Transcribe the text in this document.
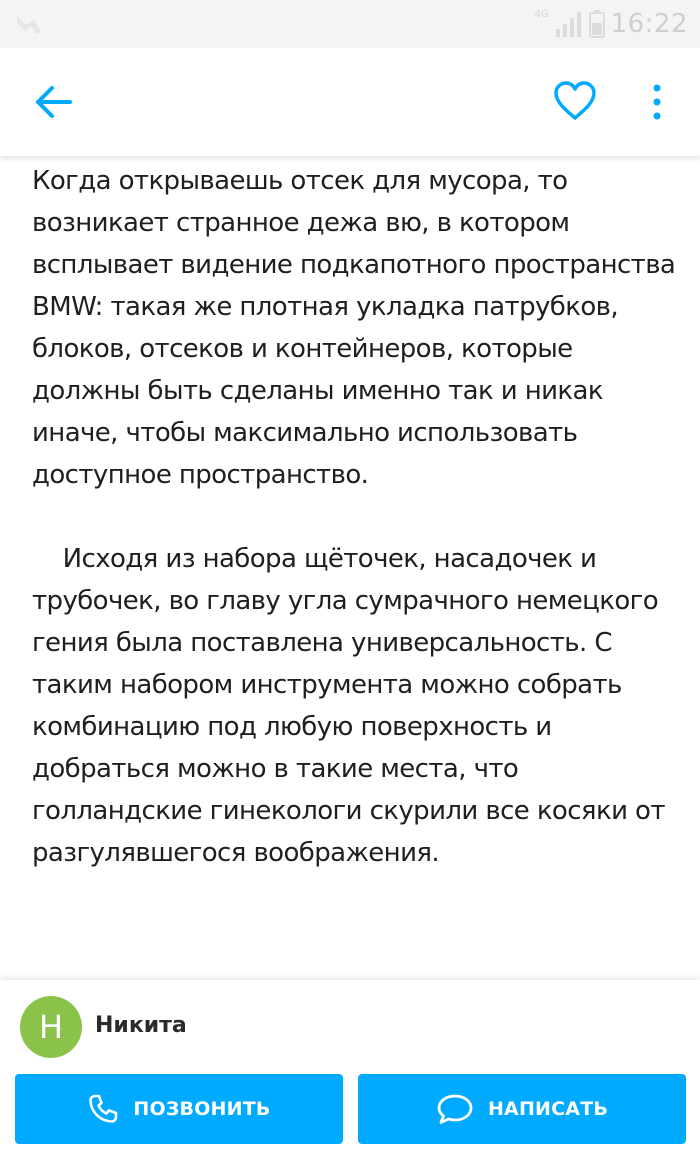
4G 16:22

Когда открываешь отсек для мусора, то возникает странное дежа вю, в котором всплывает видение подкапотного пространства BMW: такая же плотная укладка патрубков, блоков, отсеков и контейнеров, которые должны быть сделаны именно так и никак иначе, чтобы максимально использовать доступное пространство.

Исходя из набора щёточек, насадочек и трубочек, во главу угла сумрачного немецкого гения была поставлена универсальность. С таким набором инструмента можно собрать комбинацию под любую поверхность и добраться можно в такие места, что голландские гинекологи скурили все косяки от разгулявшегося воображения.

Н Никита
ПОЗВОНИТЬ	НАПИСАТЬ
